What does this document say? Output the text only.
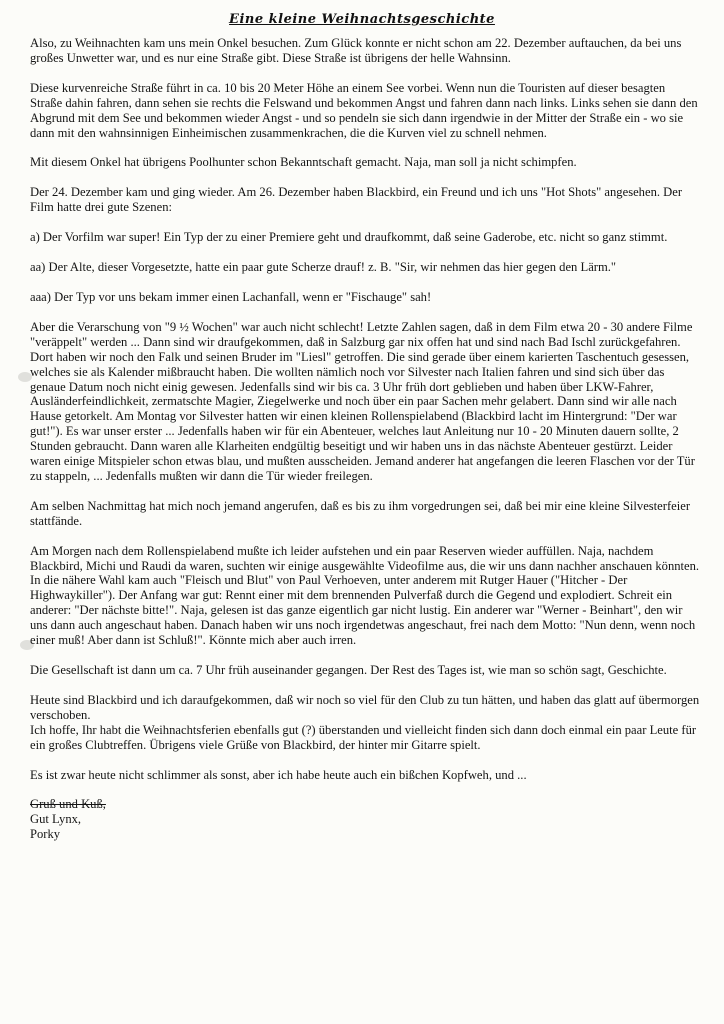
Eine kleine Weihnachtsgeschichte

Also, zu Weihnachten kam uns mein Onkel besuchen. Zum Glück konnte er nicht schon am 22. Dezember auftauchen, da bei uns großes Unwetter war, und es nur eine Straße gibt. Diese Straße ist übrigens der helle Wahnsinn.

Diese kurvenreiche Straße führt in ca. 10 bis 20 Meter Höhe an einem See vorbei. Wenn nun die Touristen auf dieser besagten Straße dahin fahren, dann sehen sie rechts die Felswand und bekommen Angst und fahren dann nach links. Links sehen sie dann den Abgrund mit dem See und bekommen wieder Angst - und so pendeln sie sich dann irgendwie in der Mitter der Straße ein - wo sie dann mit den wahnsinnigen Einheimischen zusammenkrachen, die die Kurven viel zu schnell nehmen.

Mit diesem Onkel hat übrigens Poolhunter schon Bekanntschaft gemacht. Naja, man soll ja nicht schimpfen.

Der 24. Dezember kam und ging wieder. Am 26. Dezember haben Blackbird, ein Freund und ich uns "Hot Shots" angesehen. Der Film hatte drei gute Szenen:

a) Der Vorfilm war super! Ein Typ der zu einer Premiere geht und draufkommt, daß seine Gaderobe, etc. nicht so ganz stimmt.

aa) Der Alte, dieser Vorgesetzte, hatte ein paar gute Scherze drauf! z. B. "Sir, wir nehmen das hier gegen den Lärm."

aaa) Der Typ vor uns bekam immer einen Lachanfall, wenn er "Fischauge" sah!

Aber die Verarschung von "9 ½ Wochen" war auch nicht schlecht! Letzte Zahlen sagen, daß in dem Film etwa 20 - 30 andere Filme "veräppelt" werden ... Dann sind wir draufgekommen, daß in Salzburg gar nix offen hat und sind nach Bad Ischl zurückgefahren. Dort haben wir noch den Falk und seinen Bruder im "Liesl" getroffen. Die sind gerade über einem karierten Taschentuch gesessen, welches sie als Kalender mißbraucht haben. Die wollten nämlich noch vor Silvester nach Italien fahren und sind sich über das genaue Datum noch nicht einig gewesen. Jedenfalls sind wir bis ca. 3 Uhr früh dort geblieben und haben über LKW-Fahrer, Ausländerfeindlichkeit, zermatschte Magier, Ziegelwerke und noch über ein paar Sachen mehr gelabert. Dann sind wir alle nach Hause getorkelt. Am Montag vor Silvester hatten wir einen kleinen Rollenspielabend (Blackbird lacht im Hintergrund: "Der war gut!"). Es war unser erster ... Jedenfalls haben wir für ein Abenteuer, welches laut Anleitung nur 10 - 20 Minuten dauern sollte, 2 Stunden gebraucht. Dann waren alle Klarheiten endgültig beseitigt und wir haben uns in das nächste Abenteuer gestürzt. Leider waren einige Mitspieler schon etwas blau, und mußten ausscheiden. Jemand anderer hat angefangen die leeren Flaschen vor der Tür zu stappeln, ... Jedenfalls mußten wir dann die Tür wieder freilegen.

Am selben Nachmittag hat mich noch jemand angerufen, daß es bis zu ihm vorgedrungen sei, daß bei mir eine kleine Silvesterfeier stattfände.

Am Morgen nach dem Rollenspielabend mußte ich leider aufstehen und ein paar Reserven wieder auffüllen. Naja, nachdem Blackbird, Michi und Raudi da waren, suchten wir einige ausgewählte Videofilme aus, die wir uns dann nachher anschauen könnten. In die nähere Wahl kam auch "Fleisch und Blut" von Paul Verhoeven, unter anderem mit Rutger Hauer ("Hitcher - Der Highwaykiller"). Der Anfang war gut: Rennt einer mit dem brennenden Pulverfaß durch die Gegend und explodiert. Schreit ein anderer: "Der nächste bitte!". Naja, gelesen ist das ganze eigentlich gar nicht lustig. Ein anderer war "Werner - Beinhart", den wir uns dann auch angeschaut haben. Danach haben wir uns noch irgendetwas angeschaut, frei nach dem Motto: "Nun denn, wenn noch einer muß! Aber dann ist Schluß!". Könnte mich aber auch irren.

Die Gesellschaft ist dann um ca. 7 Uhr früh auseinander gegangen. Der Rest des Tages ist, wie man so schön sagt, Geschichte.

Heute sind Blackbird und ich daraufgekommen, daß wir noch so viel für den Club zu tun hätten, und haben das glatt auf übermorgen verschoben.

Ich hoffe, Ihr habt die Weihnachtsferien ebenfalls gut (?) überstanden und vielleicht finden sich dann doch einmal ein paar Leute für ein großes Clubtreffen. Übrigens viele Grüße von Blackbird, der hinter mir Gitarre spielt.

Es ist zwar heute nicht schlimmer als sonst, aber ich habe heute auch ein bißchen Kopfweh, und ...

Gruß und Kuß,

Gut Lynx,

Porky
